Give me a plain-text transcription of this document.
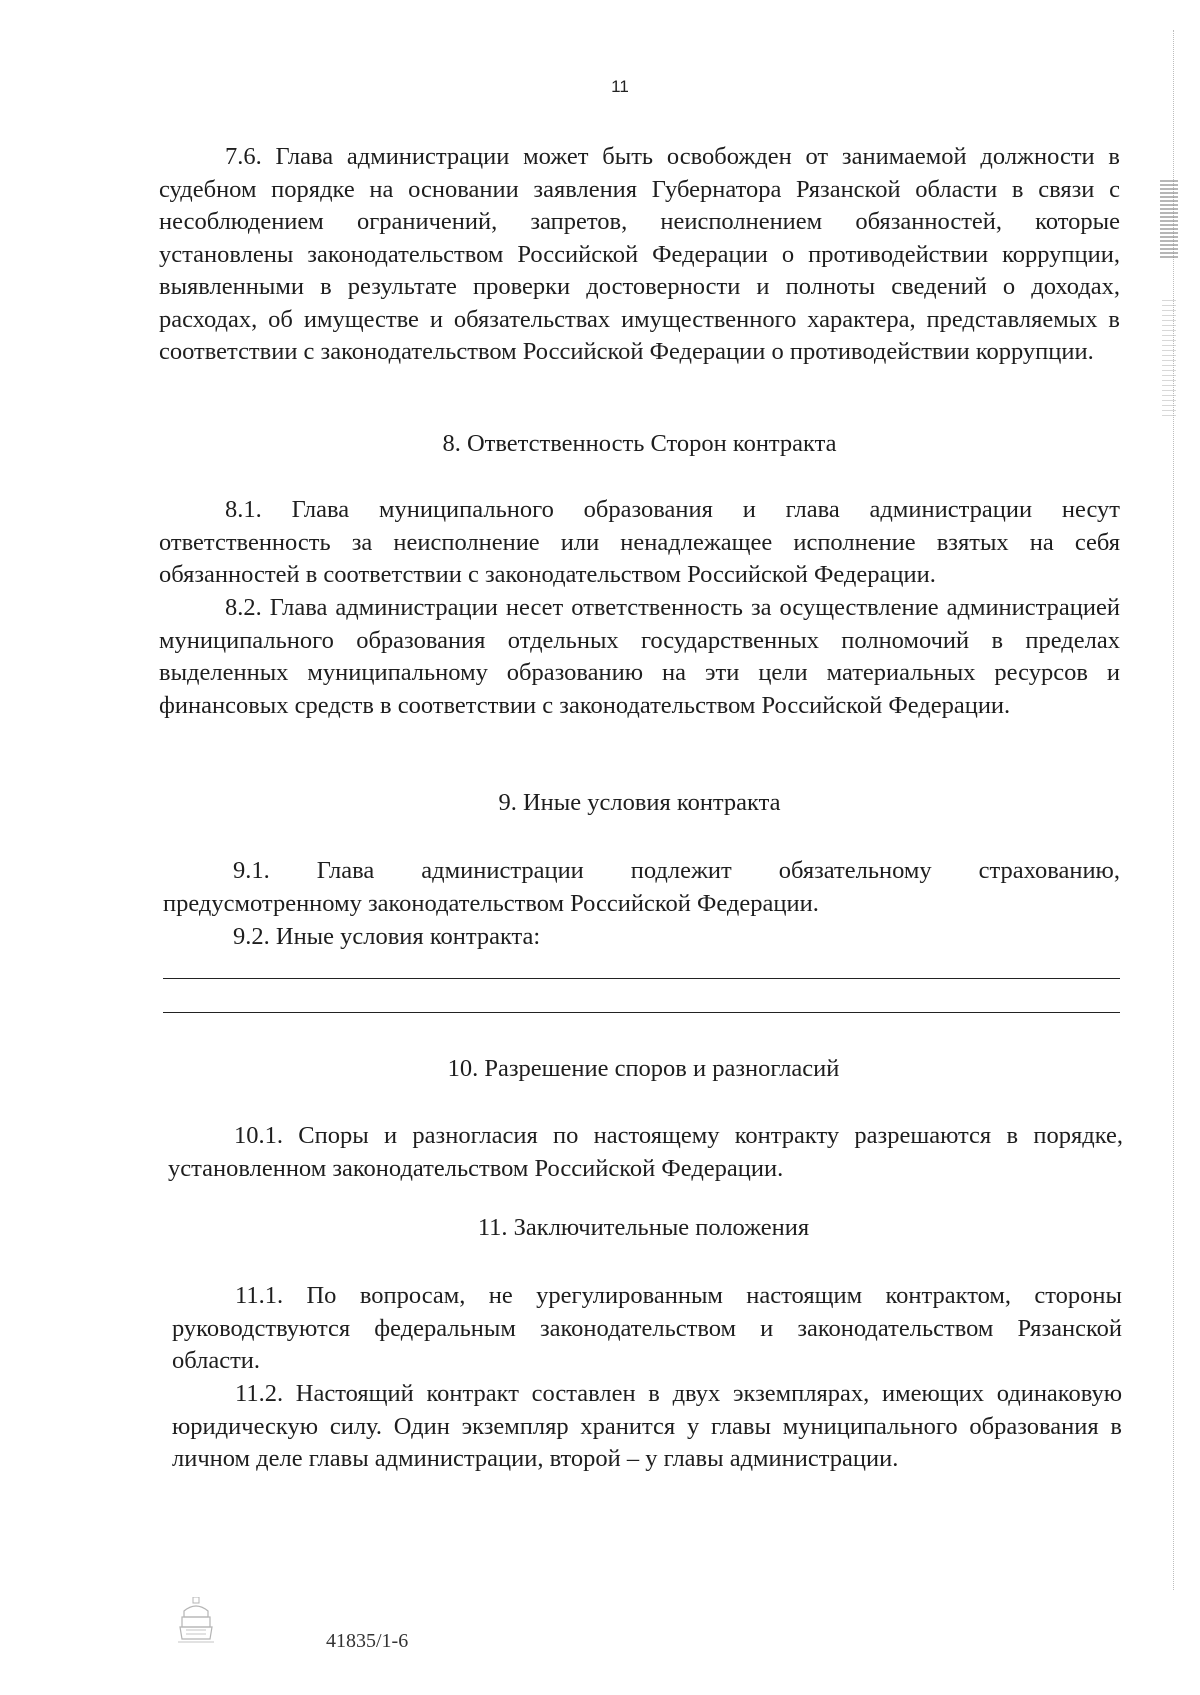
11

7.6. Глава администрации может быть освобожден от занимаемой должности в судебном порядке на основании заявления Губернатора Рязанской области в связи с несоблюдением ограничений, запретов, неисполнением обязанностей, которые установлены законодательством Российской Федерации о противодействии коррупции, выявленными в результате проверки достоверности и полноты сведений о доходах, расходах, об имуществе и обязательствах имущественного характера, представляемых в соответствии с законодательством Российской Федерации о противодействии коррупции.

8. Ответственность Сторон контракта

8.1. Глава муниципального образования и глава администрации несут ответственность за неисполнение или ненадлежащее исполнение взятых на себя обязанностей в соответствии с законодательством Российской Федерации.

8.2. Глава администрации несет ответственность за осуществление администрацией муниципального образования отдельных государственных полномочий в пределах выделенных муниципальному образованию на эти цели материальных ресурсов и финансовых средств в соответствии с законодательством Российской Федерации.

9. Иные условия контракта

9.1. Глава администрации подлежит обязательному страхованию, предусмотренному законодательством Российской Федерации.

9.2. Иные условия контракта:

10. Разрешение споров и разногласий

10.1. Споры и разногласия по настоящему контракту разрешаются в порядке, установленном законодательством Российской Федерации.

11. Заключительные положения

11.1. По вопросам, не урегулированным настоящим контрактом, стороны руководствуются федеральным законодательством и законодательством Рязанской области.

11.2. Настоящий контракт составлен в двух экземплярах, имеющих одинаковую юридическую силу. Один экземпляр хранится у главы муниципального образования в личном деле главы администрации, второй – у главы администрации.

41835/1-6
